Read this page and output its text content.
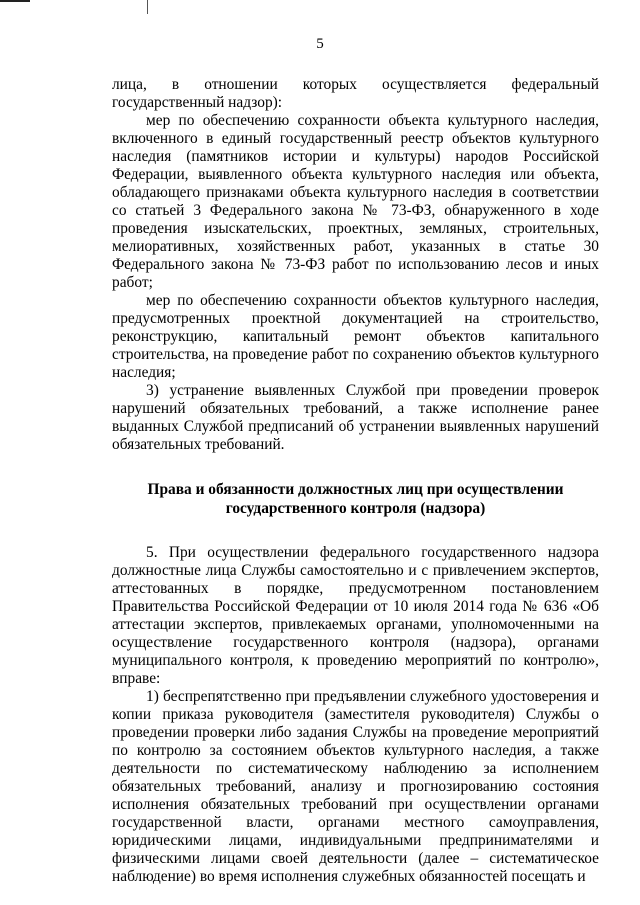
5

лица, в отношении которых осуществляется федеральный государственный надзор):

мер по обеспечению сохранности объекта культурного наследия, включенного в единый государственный реестр объектов культурного наследия (памятников истории и культуры) народов Российской Федерации, выявленного объекта культурного наследия или объекта, обладающего признаками объекта культурного наследия в соответствии со статьей 3 Федерального закона № 73-ФЗ, обнаруженного в ходе проведения изыскательских, проектных, земляных, строительных, мелиоративных, хозяйственных работ, указанных в статье 30 Федерального закона № 73-ФЗ работ по использованию лесов и иных работ;

мер по обеспечению сохранности объектов культурного наследия, предусмотренных проектной документацией на строительство, реконструкцию, капитальный ремонт объектов капитального строительства, на проведение работ по сохранению объектов культурного наследия;

3) устранение выявленных Службой при проведении проверок нарушений обязательных требований, а также исполнение ранее выданных Службой предписаний об устранении выявленных нарушений обязательных требований.

Права и обязанности должностных лиц при осуществлении
государственного контроля (надзора)

5. При осуществлении федерального государственного надзора должностные лица Службы самостоятельно и с привлечением экспертов, аттестованных в порядке, предусмотренном постановлением Правительства Российской Федерации от 10 июля 2014 года № 636 «Об аттестации экспертов, привлекаемых органами, уполномоченными на осуществление государственного контроля (надзора), органами муниципального контроля, к проведению мероприятий по контролю», вправе:

1) беспрепятственно при предъявлении служебного удостоверения и копии приказа руководителя (заместителя руководителя) Службы о проведении проверки либо задания Службы на проведение мероприятий по контролю за состоянием объектов культурного наследия, а также деятельности по систематическому наблюдению за исполнением обязательных требований, анализу и прогнозированию состояния исполнения обязательных требований при осуществлении органами государственной власти, органами местного самоуправления, юридическими лицами, индивидуальными предпринимателями и физическими лицами своей деятельности (далее – систематическое наблюдение) во время исполнения служебных обязанностей посещать и
